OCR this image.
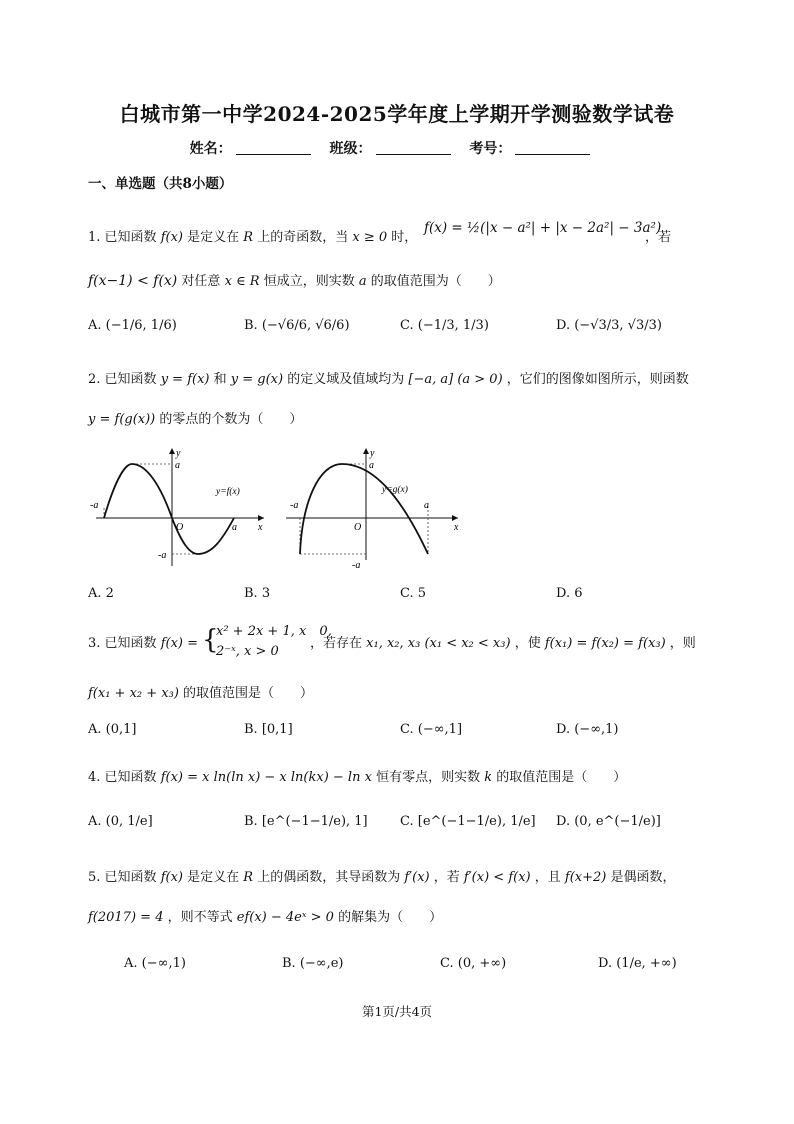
白城市第一中学2024-2025学年度上学期开学测验数学试卷
姓名：	班级：	考号：
一、单选题（共8小题）
1. 已知函数 f(x) 是定义在 R 上的奇函数，当 x ≥ 0 时，
f(x) = ½(|x − a²| + |x − 2a²| − 3a²)
，若
f(x−1) < f(x) 对任意 x ∈ R 恒成立，则实数 a 的取值范围为（　　）
A. (−1/6, 1/6)	B. (−√6/6, √6/6)	C. (−1/3, 1/3)	D. (−√3/3, √3/3)
2. 已知函数 y = f(x) 和 y = g(x) 的定义域及值域均为 [−a, a] (a > 0) ，它们的图像如图所示，则函数
y = f(g(x)) 的零点的个数为（　　）
y
a
-a
O	a x
-a
y=f(x)
y
a
-a
O
a
x
-a
y=g(x)
A. 2	B. 3	C. 5	D. 6
3. 已知函数 f(x) = {
x² + 2x + 1, x　0,
2⁻ˣ, x > 0
，若存在 x₁, x₂, x₃ (x₁ < x₂ < x₃) ，使 f(x₁) = f(x₂) = f(x₃) ，则
f(x₁ + x₂ + x₃) 的取值范围是（　　）
A. (0,1]	B. [0,1]	C. (−∞,1]	D. (−∞,1)
4. 已知函数 f(x) = x ln(ln x) − x ln(kx) − ln x 恒有零点，则实数 k 的取值范围是（　　）
A. (0, 1/e]	B. [e^(−1−1/e), 1] C. [e^(−1−1/e), 1/e] D. (0, e^(−1/e)]
5. 已知函数 f(x) 是定义在 R 上的偶函数，其导函数为 f′(x) ，若 f′(x) < f(x) ，且 f(x+2) 是偶函数，
f(2017) = 4 ，则不等式 ef(x) − 4eˣ > 0 的解集为（　　）
A. (−∞,1)	B. (−∞,e)	C. (0, +∞)	D. (1/e, +∞)
第1页/共4页
